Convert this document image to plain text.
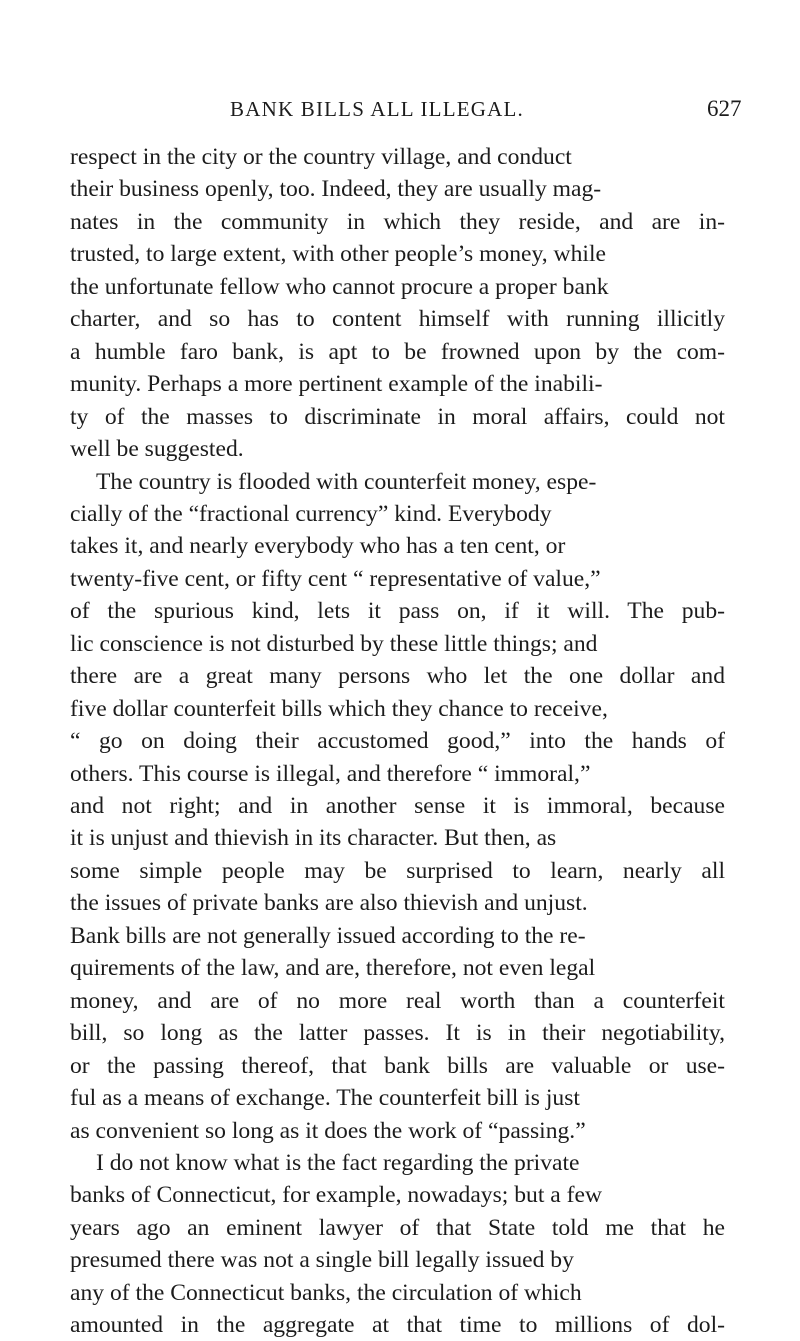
BANK BILLS ALL ILLEGAL.	627
respect in the city or the country village, and conduct
their business openly, too. Indeed, they are usually mag-
nates in the community in which they reside, and are in-
trusted, to large extent, with other people’s money, while
the unfortunate fellow who cannot procure a proper bank
charter, and so has to content himself with running illicitly
a humble faro bank, is apt to be frowned upon by the com-
munity. Perhaps a more pertinent example of the inabili-
ty of the masses to discriminate in moral affairs, could not
well be suggested.
The country is flooded with counterfeit money, espe-
cially of the “fractional currency” kind. Everybody
takes it, and nearly everybody who has a ten cent, or
twenty-five cent, or fifty cent “ representative of value,”
of the spurious kind, lets it pass on, if it will. The pub-
lic conscience is not disturbed by these little things; and
there are a great many persons who let the one dollar and
five dollar counterfeit bills which they chance to receive,
“ go on doing their accustomed good,” into the hands of
others. This course is illegal, and therefore “ immoral,”
and not right; and in another sense it is immoral, because
it is unjust and thievish in its character. But then, as
some simple people may be surprised to learn, nearly all
the issues of private banks are also thievish and unjust.
Bank bills are not generally issued according to the re-
quirements of the law, and are, therefore, not even legal
money, and are of no more real worth than a counterfeit
bill, so long as the latter passes. It is in their negotiability,
or the passing thereof, that bank bills are valuable or use-
ful as a means of exchange. The counterfeit bill is just
as convenient so long as it does the work of “passing.”
I do not know what is the fact regarding the private
banks of Connecticut, for example, nowadays; but a few
years ago an eminent lawyer of that State told me that he
presumed there was not a single bill legally issued by
any of the Connecticut banks, the circulation of which
amounted in the aggregate at that time to millions of dol-
